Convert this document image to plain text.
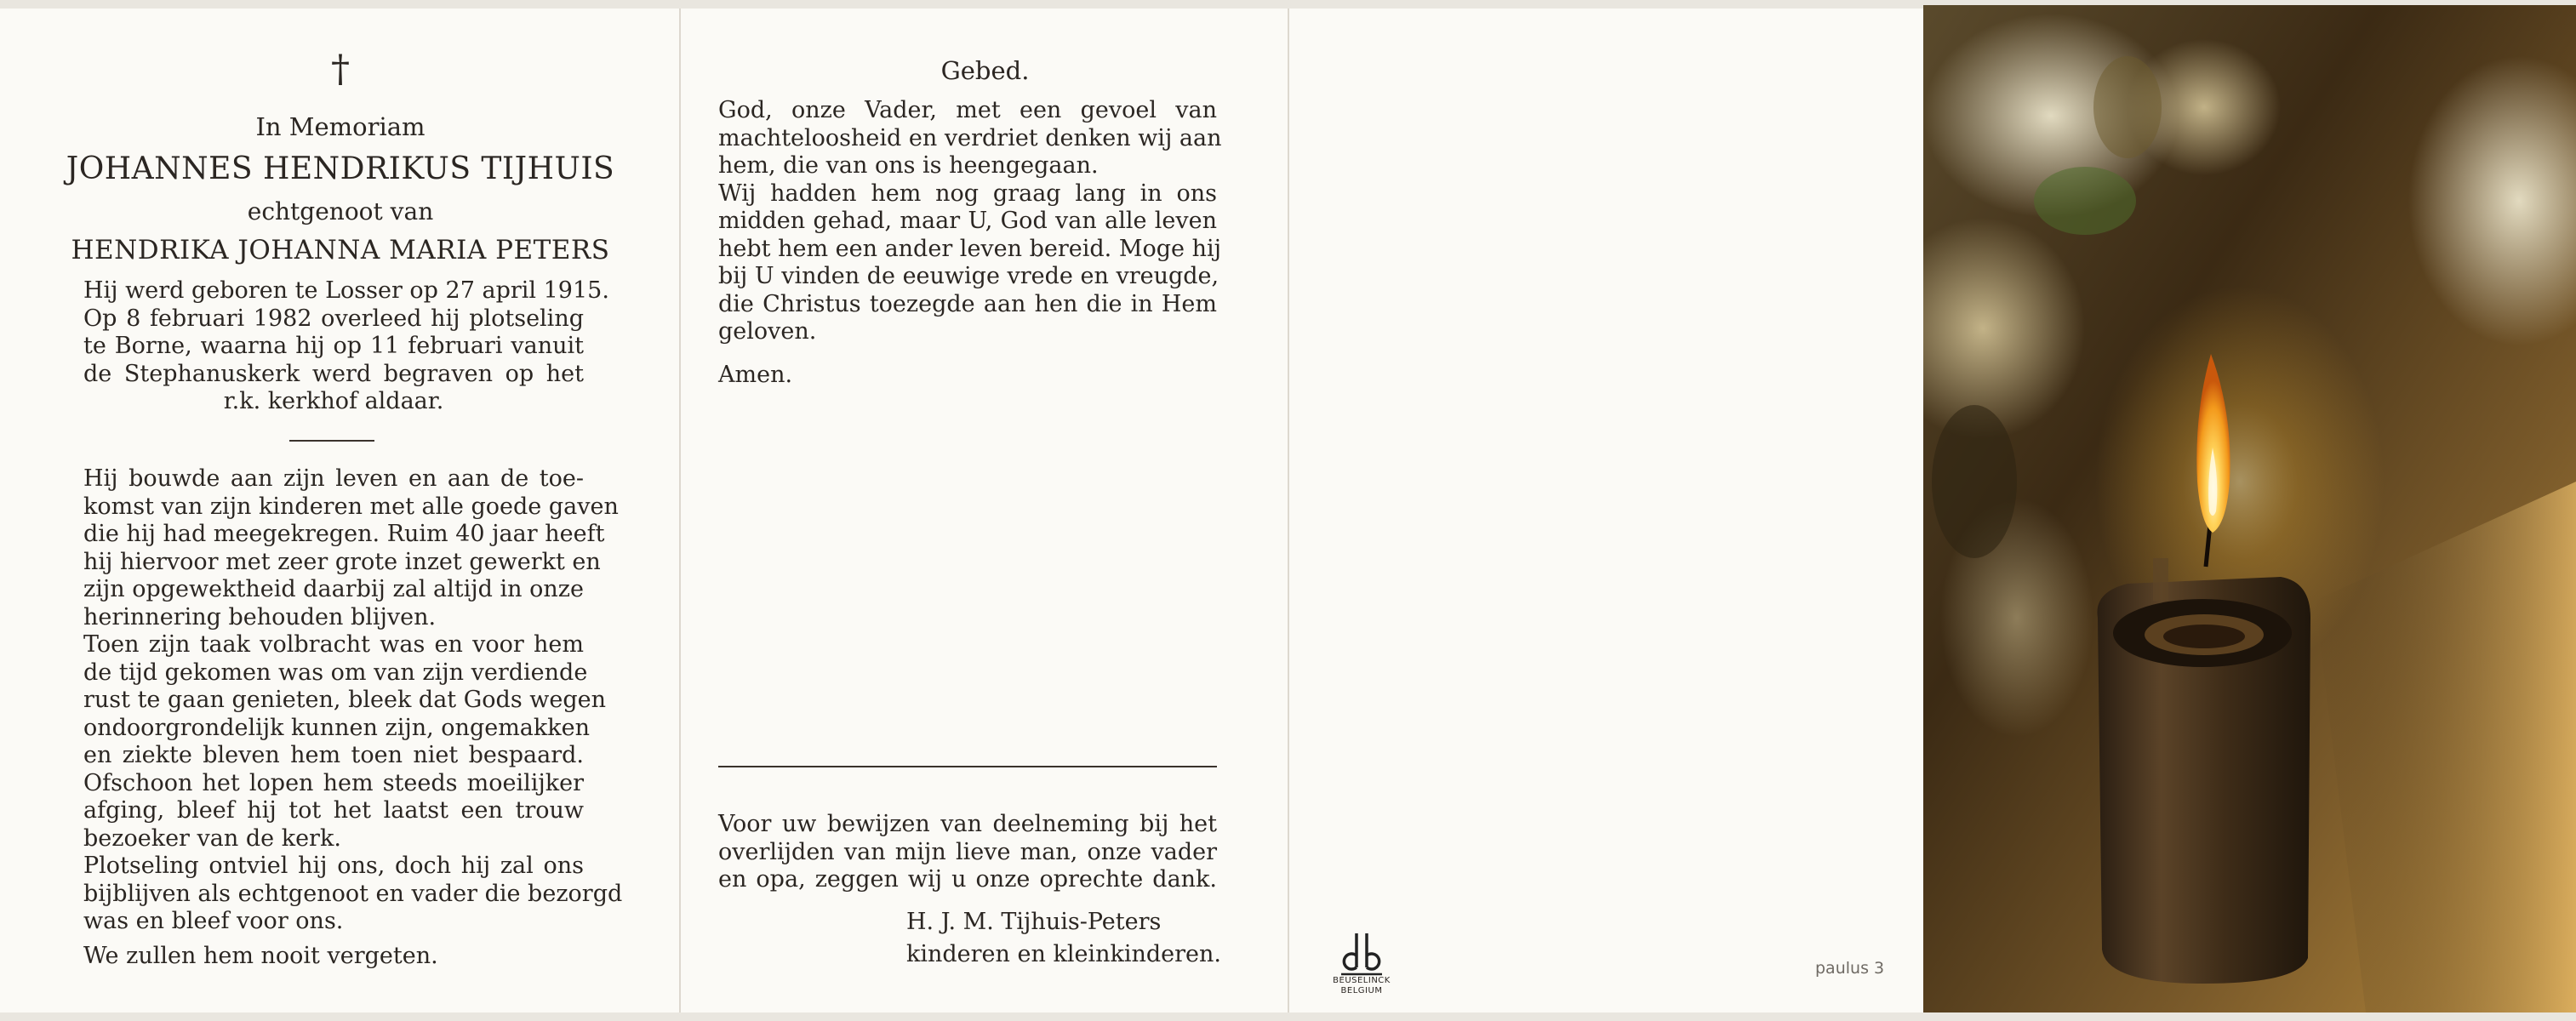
†
In Memoriam
JOHANNES HENDRIKUS TIJHUIS
echtgenoot van
HENDRIKA JOHANNA MARIA PETERS
Hij werd geboren te Losser op 27 april 1915.
Op 8 februari 1982 overleed hij plotseling
te Borne, waarna hij op 11 februari vanuit
de Stephanuskerk werd begraven op het
r.k. kerkhof aldaar.
Hij bouwde aan zijn leven en aan de toe-
komst van zijn kinderen met alle goede gaven
die hij had meegekregen. Ruim 40 jaar heeft
hij hiervoor met zeer grote inzet gewerkt en
zijn opgewektheid daarbij zal altijd in onze
herinnering behouden blijven.
Toen zijn taak volbracht was en voor hem
de tijd gekomen was om van zijn verdiende
rust te gaan genieten, bleek dat Gods wegen
ondoorgrondelijk kunnen zijn, ongemakken
en ziekte bleven hem toen niet bespaard.
Ofschoon het lopen hem steeds moeilijker
afging, bleef hij tot het laatst een trouw
bezoeker van de kerk.
Plotseling ontviel hij ons, doch hij zal ons
bijblijven als echtgenoot en vader die bezorgd
was en bleef voor ons.
We zullen hem nooit vergeten.
Gebed.
God, onze Vader, met een gevoel van
machteloosheid en verdriet denken wij aan
hem, die van ons is heengegaan.
Wij hadden hem nog graag lang in ons
midden gehad, maar U, God van alle leven
hebt hem een ander leven bereid. Moge hij
bij U vinden de eeuwige vrede en vreugde,
die Christus toezegde aan hen die in Hem
geloven.
Amen.
Voor uw bewijzen van deelneming bij het
overlijden van mijn lieve man, onze vader
en opa, zeggen wij u onze oprechte dank.
H. J. M. Tijhuis-Peters
kinderen en kleinkinderen.
BEUSELINCK
BELGIUM
paulus 3
